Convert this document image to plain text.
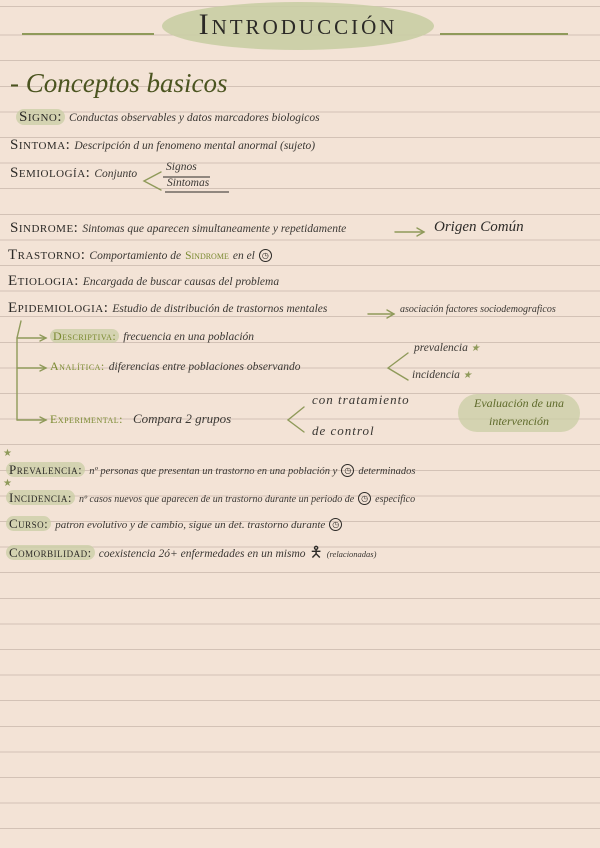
Introducción
- Conceptos basicos
Signo: Conductas observables y datos marcadores biologicos
Sintoma: Descripción d un fenomeno mental anormal (sujeto)
Semiología: Conjunto
Signos
Sintomas
Sindrome: Sintomas que aparecen simultaneamente y repetidamente	Origen Común
Trastorno: Comportamiento de Sindrome en el ◷
Etiologia: Encargada de buscar causas del problema
Epidemiologia: Estudio de distribución de trastornos mentales	asociación factores sociodemograficos
Descriptiva: frecuencia en una población
Analítica: diferencias entre poblaciones observando
prevalencia ★
incidencia ★
Experimental: Compara 2 grupos
con tratamiento
de control
Evaluación de una intervención
★
Prevalencia: nº personas que presentan un trastorno en una población y ◷ determinados
★
Incidencia: nº casos nuevos que aparecen de un trastorno durante un periodo de ◷ especifico
Curso: patron evolutivo y de cambio, sigue un det. trastorno durante ◷
Comorbilidad: coexistencia 2ó+ enfermedades en un mismo 🯅 (relacionadas)
